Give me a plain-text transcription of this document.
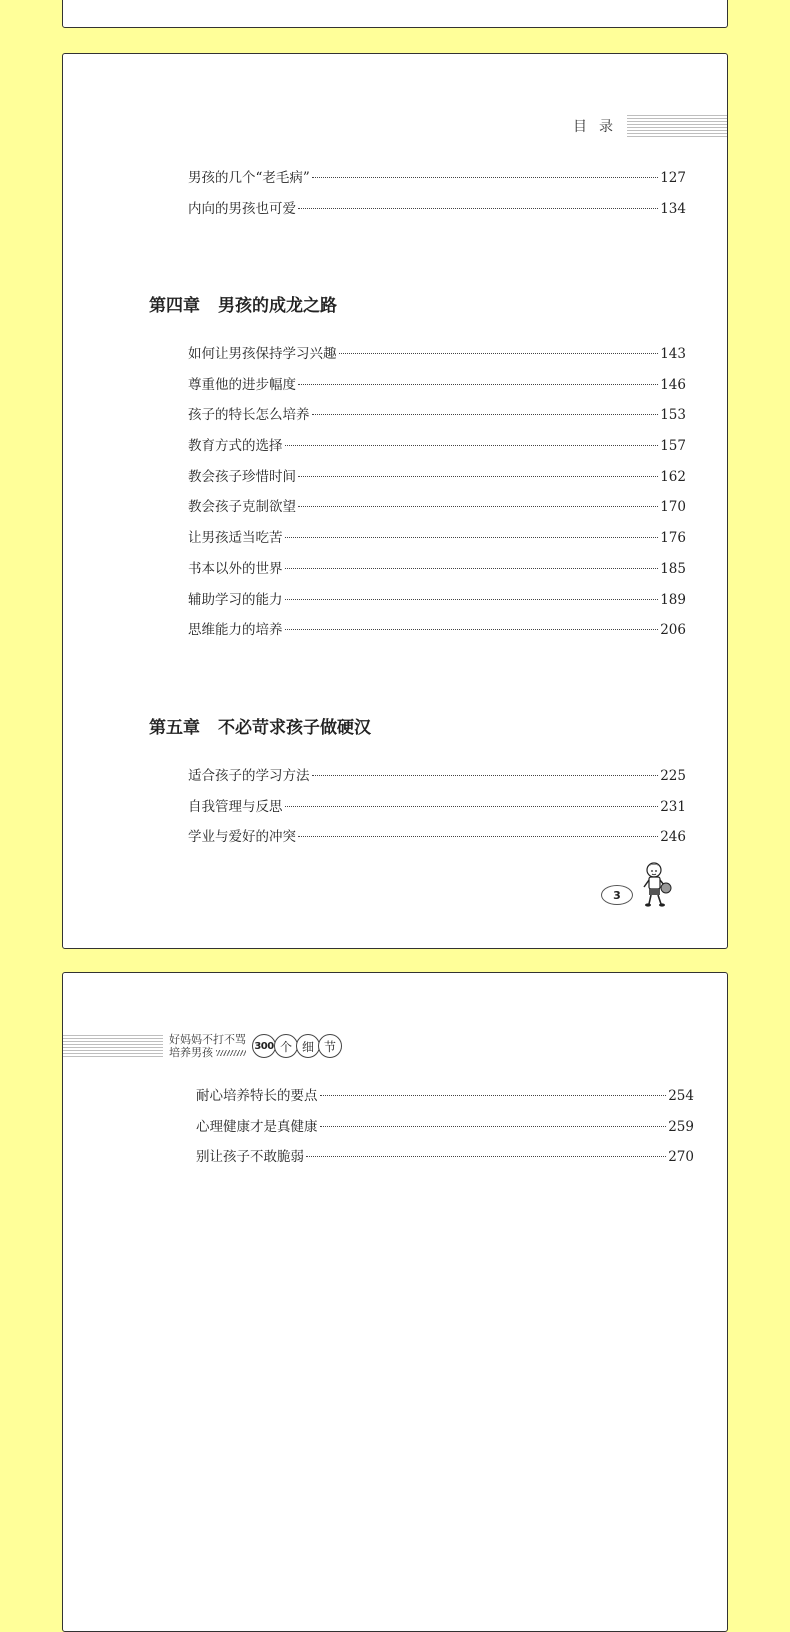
目录
男孩的几个“老毛病”	127
内向的男孩也可爱	134
第四章 男孩的成龙之路
如何让男孩保持学习兴趣	143
尊重他的进步幅度	146
孩子的特长怎么培养	153
教育方式的选择	157
教会孩子珍惜时间	162
教会孩子克制欲望	170
让男孩适当吃苦	176
书本以外的世界	185
辅助学习的能力	189
思维能力的培养	206
第五章 不必苛求孩子做硬汉
适合孩子的学习方法	225
自我管理与反思	231
学业与爱好的冲突	246
3
好妈妈不打不骂
培养男孩	300 个 细 节
耐心培养特长的要点	254
心理健康才是真健康	259
别让孩子不敢脆弱	270
